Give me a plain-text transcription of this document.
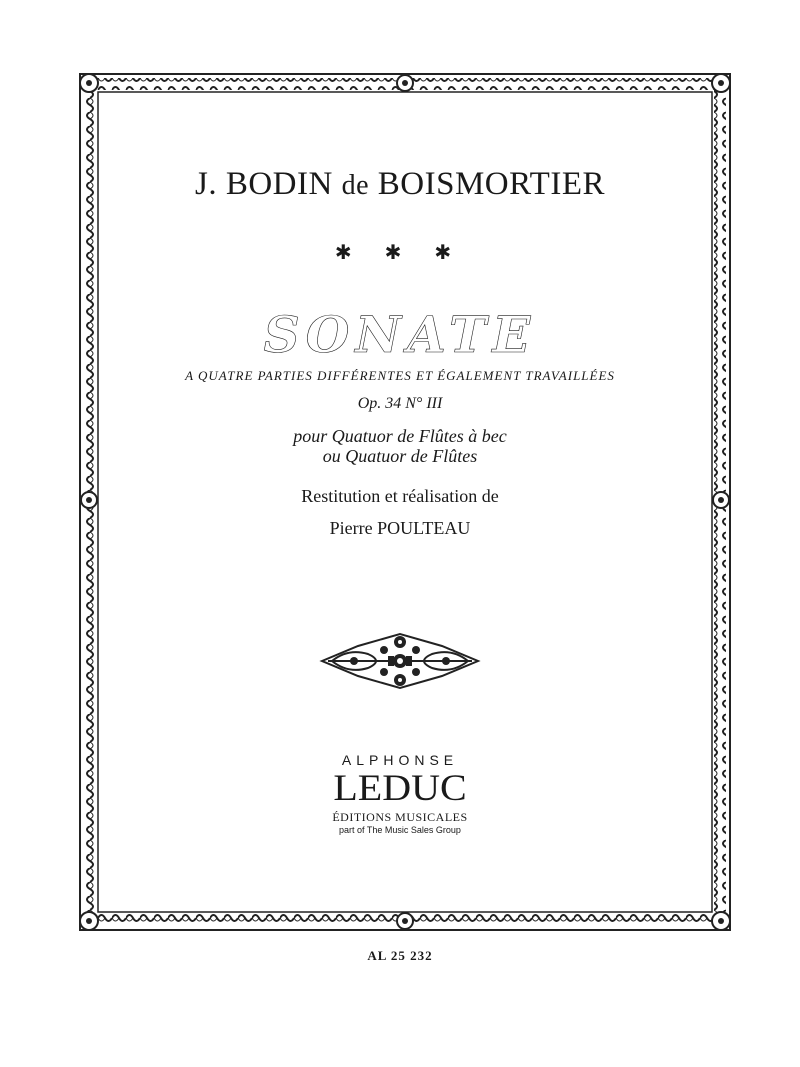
J. BODIN de BOISMORTIER
✱ ✱ ✱
SONATE
A QUATRE PARTIES DIFFÉRENTES ET ÉGALEMENT TRAVAILLÉES
Op. 34 N° III
pour Quatuor de Flûtes à bec
ou Quatuor de Flûtes
Restitution et réalisation de
Pierre POULTEAU
ALPHONSE
LEDUC
ÉDITIONS MUSICALES
part of The Music Sales Group
AL 25 232
